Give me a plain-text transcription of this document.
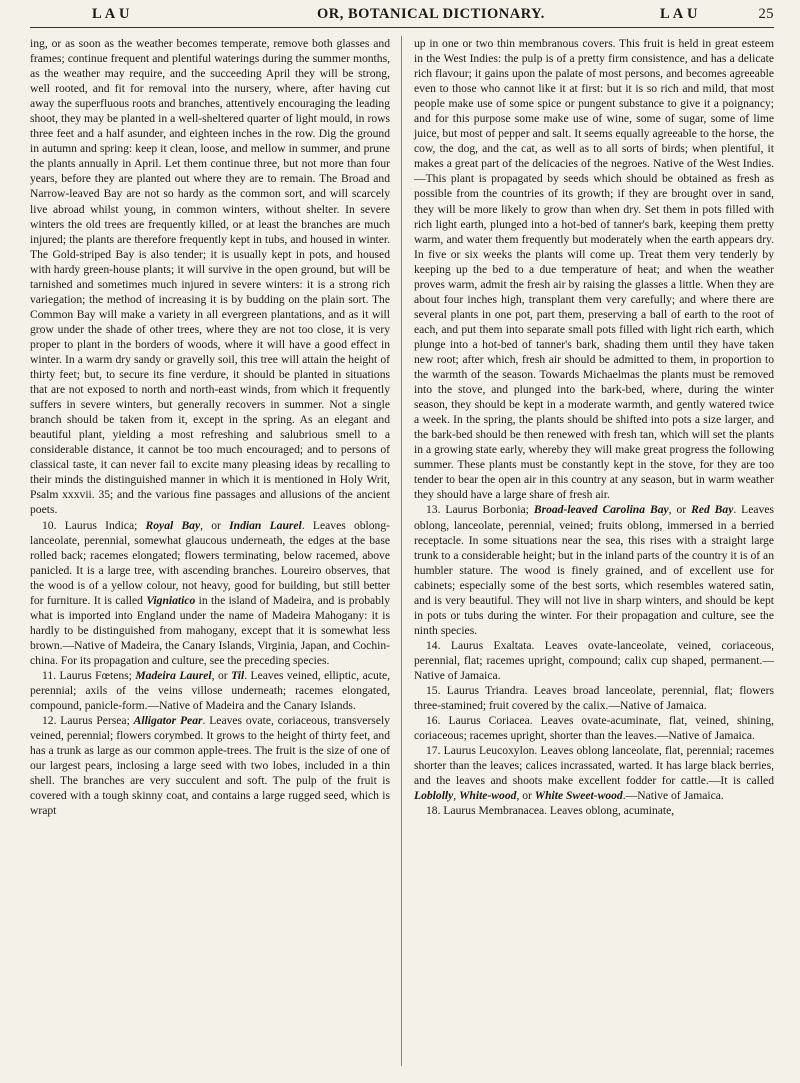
L A U	OR, BOTANICAL DICTIONARY.	L A U	25

ing, or as soon as the weather becomes temperate, remove both glasses and frames; continue frequent and plentiful waterings during the summer months, as the weather may require, and the succeeding April they will be strong, well rooted, and fit for removal into the nursery, where, after having cut away the superfluous roots and branches, attentively encouraging the leading shoot, they may be planted in a well-sheltered quarter of light mould, in rows three feet and a half asunder, and eighteen inches in the row. Dig the ground in autumn and spring: keep it clean, loose, and mellow in summer, and prune the plants annually in April. Let them continue three, but not more than four years, before they are planted out where they are to remain. The Broad and Narrow-leaved Bay are not so hardy as the common sort, and will scarcely live abroad whilst young, in common winters, without shelter. In severe winters the old trees are frequently killed, or at least the branches are much injured; the plants are therefore frequently kept in tubs, and housed in winter. The Gold-striped Bay is also tender; it is usually kept in pots, and housed with hardy green-house plants; it will survive in the open ground, but will be tarnished and sometimes much injured in severe winters: it is a strong rich variegation; the method of increasing it is by budding on the plain sort. The Common Bay will make a variety in all evergreen plantations, and as it will grow under the shade of other trees, where they are not too close, it is very proper to plant in the borders of woods, where it will have a good effect in winter. In a warm dry sandy or gravelly soil, this tree will attain the height of thirty feet; but, to secure its fine verdure, it should be planted in situations that are not exposed to north and north-east winds, from which it frequently suffers in severe winters, but generally recovers in summer. Not a single branch should be taken from it, except in the spring. As an elegant and beautiful plant, yielding a most refreshing and salubrious smell to a considerable distance, it cannot be too much encouraged; and to persons of classical taste, it can never fail to excite many pleasing ideas by recalling to their minds the distinguished manner in which it is mentioned in Holy Writ, Psalm xxxvii. 35; and the various fine passages and allusions of the ancient poets.

10. Laurus Indica; Royal Bay, or Indian Laurel. Leaves oblong-lanceolate, perennial, somewhat glaucous underneath, the edges at the base rolled back; racemes elongated; flowers terminating, below racemed, above panicled. It is a large tree, with ascending branches. Loureiro observes, that the wood is of a yellow colour, not heavy, good for building, but still better for furniture. It is called Vigniatico in the island of Madeira, and is probably what is imported into England under the name of Madeira Mahogany: it is hardly to be distinguished from mahogany, except that it is somewhat less brown.—Native of Madeira, the Canary Islands, Virginia, Japan, and Cochin-china. For its propagation and culture, see the preceding species.

11. Laurus Fœtens; Madeira Laurel, or Til. Leaves veined, elliptic, acute, perennial; axils of the veins villose underneath; racemes elongated, compound, panicle-form.—Native of Madeira and the Canary Islands.

12. Laurus Persea; Alligator Pear. Leaves ovate, coriaceous, transversely veined, perennial; flowers corymbed. It grows to the height of thirty feet, and has a trunk as large as our common apple-trees. The fruit is the size of one of our largest pears, inclosing a large seed with two lobes, included in a thin shell. The branches are very succulent and soft. The pulp of the fruit is covered with a tough skinny coat, and contains a large rugged seed, which is wrapt

up in one or two thin membranous covers. This fruit is held in great esteem in the West Indies: the pulp is of a pretty firm consistence, and has a delicate rich flavour; it gains upon the palate of most persons, and becomes agreeable even to those who cannot like it at first: but it is so rich and mild, that most people make use of some spice or pungent substance to give it a poignancy; and for this purpose some make use of wine, some of sugar, some of lime juice, but most of pepper and salt. It seems equally agreeable to the horse, the cow, the dog, and the cat, as well as to all sorts of birds; when plentiful, it makes a great part of the delicacies of the negroes. Native of the West Indies.—This plant is propagated by seeds which should be obtained as fresh as possible from the countries of its growth; if they are brought over in sand, they will be more likely to grow than when dry. Set them in pots filled with rich light earth, plunged into a hot-bed of tanner's bark, keeping them pretty warm, and water them frequently but moderately when the earth appears dry. In five or six weeks the plants will come up. Treat them very tenderly by keeping up the bed to a due temperature of heat; and when the weather proves warm, admit the fresh air by raising the glasses a little. When they are about four inches high, transplant them very carefully; and where there are several plants in one pot, part them, preserving a ball of earth to the root of each, and put them into separate small pots filled with light rich earth, which plunge into a hot-bed of tanner's bark, shading them until they have taken new root; after which, fresh air should be admitted to them, in proportion to the warmth of the season. Towards Michaelmas the plants must be removed into the stove, and plunged into the bark-bed, where, during the winter season, they should be kept in a moderate warmth, and gently watered twice a week. In the spring, the plants should be shifted into pots a size larger, and the bark-bed should be then renewed with fresh tan, which will set the plants in a growing state early, whereby they will make great progress the following summer. These plants must be constantly kept in the stove, for they are too tender to bear the open air in this country at any season, but in warm weather they should have a large share of fresh air.

13. Laurus Borbonia; Broad-leaved Carolina Bay, or Red Bay. Leaves oblong, lanceolate, perennial, veined; fruits oblong, immersed in a berried receptacle. In some situations near the sea, this rises with a straight large trunk to a considerable height; but in the inland parts of the country it is of an humbler stature. The wood is finely grained, and of excellent use for cabinets; especially some of the best sorts, which resembles watered satin, and is very beautiful. They will not live in sharp winters, and should be kept in pots or tubs during the winter. For their propagation and culture, see the ninth species.

14. Laurus Exaltata. Leaves ovate-lanceolate, veined, coriaceous, perennial, flat; racemes upright, compound; calix cup shaped, permanent.—Native of Jamaica.

15. Laurus Triandra. Leaves broad lanceolate, perennial, flat; flowers three-stamined; fruit covered by the calix.—Native of Jamaica.

16. Laurus Coriacea. Leaves ovate-acuminate, flat, veined, shining, coriaceous; racemes upright, shorter than the leaves.—Native of Jamaica.

17. Laurus Leucoxylon. Leaves oblong lanceolate, flat, perennial; racemes shorter than the leaves; calices incrassated, warted. It has large black berries, and the leaves and shoots make excellent fodder for cattle.—It is called Loblolly, White-wood, or White Sweet-wood.—Native of Jamaica.

18. Laurus Membranacea. Leaves oblong, acuminate,
